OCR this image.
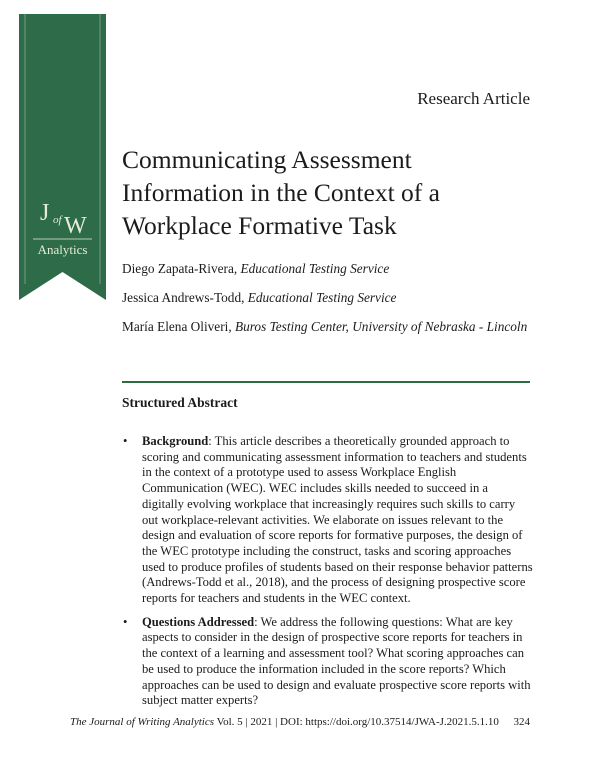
J of W
Analytics
Research Article
Communicating Assessment Information in the Context of a Workplace Formative Task

Diego Zapata-Rivera, Educational Testing Service

Jessica Andrews-Todd, Educational Testing Service

María Elena Oliveri, Buros Testing Center, University of Nebraska - Lincoln

Structured Abstract
• Background: This article describes a theoretically grounded approach to scoring and communicating assessment information to teachers and students in the context of a prototype used to assess Workplace English Communication (WEC). WEC includes skills needed to succeed in a digitally evolving workplace that increasingly requires such skills to carry out workplace-relevant activities. We elaborate on issues relevant to the design and evaluation of score reports for formative purposes, the design of the WEC prototype including the construct, tasks and scoring approaches used to produce profiles of students based on their response behavior patterns (Andrews-Todd et al., 2018), and the process of designing prospective score reports for teachers and students in the WEC context.
• Questions Addressed: We address the following questions: What are key aspects to consider in the design of prospective score reports for teachers in the context of a learning and assessment tool? What scoring approaches can be used to produce the information included in the score reports? Which approaches can be used to design and evaluate prospective score reports with subject matter experts?
The Journal of Writing Analytics Vol. 5 | 2021 | DOI: https://doi.org/10.37514/JWA-J.2021.5.1.10 324
